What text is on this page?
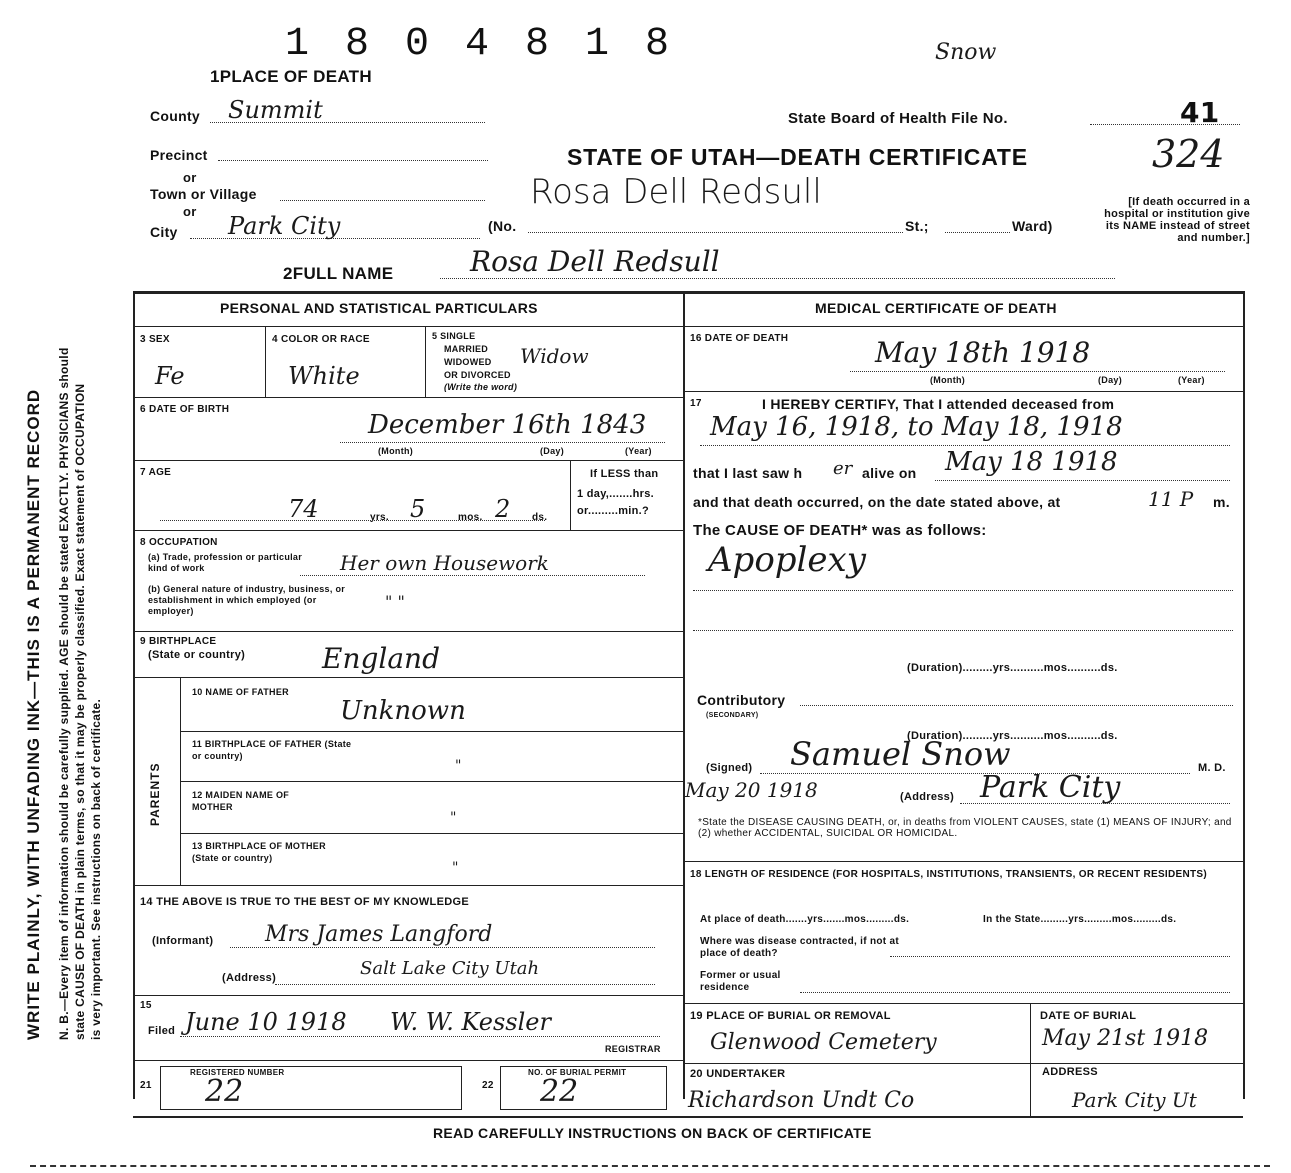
WRITE PLAINLY, WITH UNFADING INK—THIS IS A PERMANENT RECORD N. B.—Every item of information should be carefully supplied. AGE should be stated EXACTLY. PHYSICIANS should state CAUSE OF DEATH in plain terms, so that it may be properly classified. Exact statement of OCCUPATION is very important. See instructions on back of certificate.
1 8 0 4 8 1 8	Snow
1PLACE OF DEATH
County Summit	State Board of Health File No.	41
Precinct
or
Town or Village
or
City Park City
STATE OF UTAH—DEATH CERTIFICATE	324
Rosa Dell Redsull
(No.	St.;	Ward)
[If death occurred in a hospital or institution give its NAME instead of street and number.]
2FULL NAME	Rosa Dell Redsull
PERSONAL AND STATISTICAL PARTICULARS
3 SEX
Fe
4 COLOR OR RACE
White
5 SINGLE
MARRIED
WIDOWED
OR DIVORCED
(Write the word)
Widow
6 DATE OF BIRTH
December 16th 1843
(Month)	(Day)	(Year)
7 AGE
74	yrs. 5	mos. 2 ds.
If LESS than
1 day,.......hrs.
or.........min.?
8 OCCUPATION
(a) Trade, profession or particular kind of work	Her own Housework
(b) General nature of industry, business, or establishment in which employed (or employer)	" "
9 BIRTHPLACE
(State or country)	England
PARENTS
10 NAME OF FATHER
Unknown
11 BIRTHPLACE OF FATHER (State or country)
"
12 MAIDEN NAME OF MOTHER
"
13 BIRTHPLACE OF MOTHER (State or country)
"
14 THE ABOVE IS TRUE TO THE BEST OF MY KNOWLEDGE
(Informant) Mrs James Langford
(Address)	Salt Lake City Utah
15
Filed June 10 1918 W. W. Kessler
REGISTRAR
21
REGISTERED NUMBER
22	22
NO. OF BURIAL PERMIT
22
MEDICAL CERTIFICATE OF DEATH
16 DATE OF DEATH	May 18th 1918
(Month)	(Day)	(Year)
17	I HEREBY CERTIFY, That I attended deceased from
May 16, 1918, to May 18, 1918
that I last saw h er alive on May 18 1918
and that death occurred, on the date stated above, at	11 P m.
The CAUSE OF DEATH* was as follows:
Apoplexy
(Duration).........yrs..........mos..........ds.
Contributory
(SECONDARY)
(Duration).........yrs..........mos..........ds.
(Signed) Samuel Snow	M. D.
May 20 1918	(Address) Park City
*State the DISEASE CAUSING DEATH, or, in deaths from VIOLENT CAUSES, state (1) MEANS OF INJURY; and (2) whether ACCIDENTAL, SUICIDAL OR HOMICIDAL.
18 LENGTH OF RESIDENCE (FOR HOSPITALS, INSTITUTIONS, TRANSIENTS, OR RECENT RESIDENTS)
At place of death.......yrs.......mos.........ds.	In the State.........yrs.........mos.........ds.
Where was disease contracted, if not at place of death?
Former or usual residence
19 PLACE OF BURIAL OR REMOVAL
Glenwood Cemetery
DATE OF BURIAL
May 21st 1918
20 UNDERTAKER
Richardson Undt Co
ADDRESS
Park City Ut
READ CAREFULLY INSTRUCTIONS ON BACK OF CERTIFICATE
